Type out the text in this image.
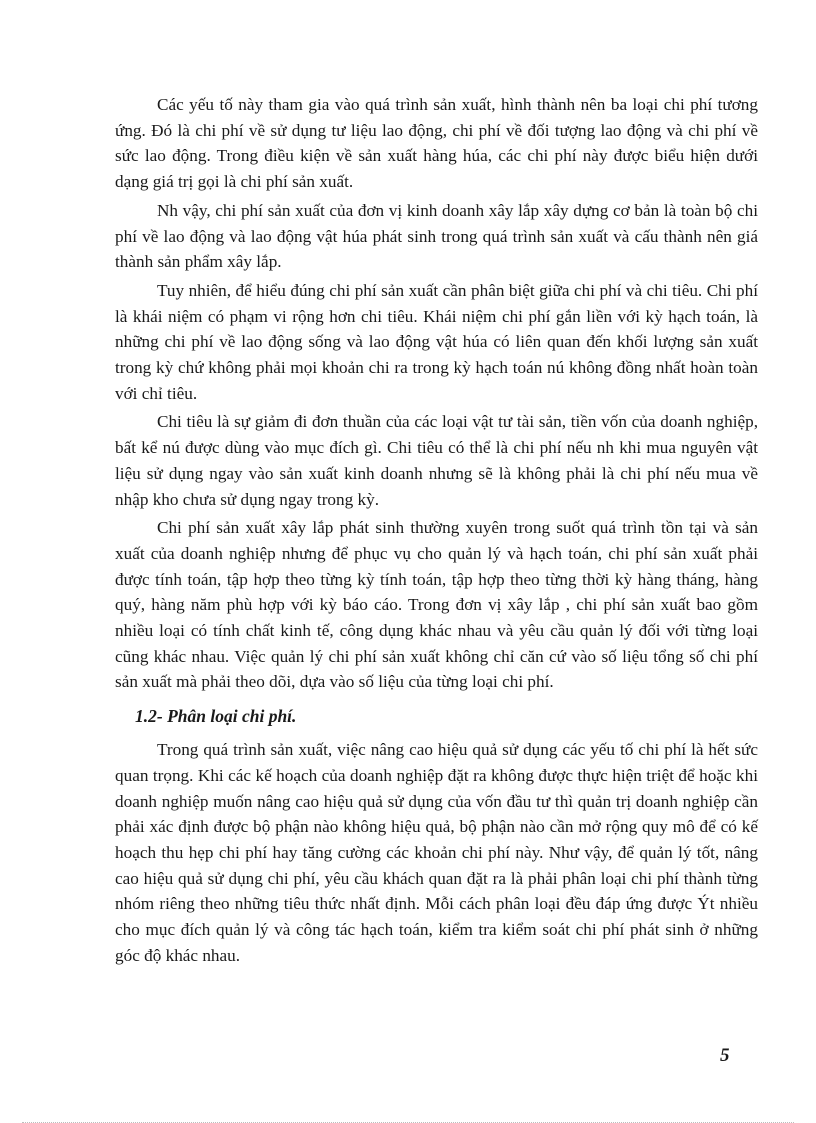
Các yếu tố này tham gia vào quá trình sản xuất, hình thành nên ba loại chi phí tương ứng. Đó là chi phí về sử dụng tư liệu lao động, chi phí về đối tượng lao động và chi phí về sức lao động. Trong điều kiện về sản xuất hàng húa, các chi phí này được biểu hiện dưới dạng giá trị gọi là chi phí sản xuất.

Nh vậy, chi phí sản xuất của đơn vị kinh doanh xây lắp xây dựng cơ bản là toàn bộ chi phí về lao động và lao động vật húa phát sinh trong quá trình sản xuất và cấu thành nên giá thành sản phẩm xây lắp.

Tuy nhiên, để hiểu đúng chi phí sản xuất cần phân biệt giữa chi phí và chi tiêu. Chi phí là khái niệm có phạm vi rộng hơn chi tiêu. Khái niệm chi phí gắn liền với kỳ hạch toán, là những chi phí về lao động sống và lao động vật húa có liên quan đến khối lượng sản xuất trong kỳ chứ không phải mọi khoản chi ra trong kỳ hạch toán nú không đồng nhất hoàn toàn với chỉ tiêu.

Chi tiêu là sự giảm đi đơn thuần của các loại vật tư tài sản, tiền vốn của doanh nghiệp, bất kể nú được dùng vào mục đích gì. Chi tiêu có thể là chi phí nếu nh khi mua nguyên vật liệu sử dụng ngay vào sản xuất kinh doanh nhưng sẽ là không phải là chi phí nếu mua về nhập kho chưa sử dụng ngay trong kỳ.

Chi phí sản xuất xây lắp phát sinh thường xuyên trong suốt quá trình tồn tại và sản xuất của doanh nghiệp nhưng để phục vụ cho quản lý và hạch toán, chi phí sản xuất phải được tính toán, tập hợp theo từng kỳ tính toán, tập hợp theo từng thời kỳ hàng tháng, hàng quý, hàng năm phù hợp với kỳ báo cáo. Trong đơn vị xây lắp , chi phí sản xuất bao gồm nhiều loại có tính chất kinh tế, công dụng khác nhau và yêu cầu quản lý đối với từng loại cũng khác nhau. Việc quản lý chi phí sản xuất không chỉ căn cứ vào số liệu tổng số chi phí sản xuất mà phải theo dõi, dựa vào số liệu của từng loại chi phí.

1.2- Phân loại chi phí.

Trong quá trình sản xuất, việc nâng cao hiệu quả sử dụng các yếu tố chi phí là hết sức quan trọng. Khi các kế hoạch của doanh nghiệp đặt ra không được thực hiện triệt để hoặc khi doanh nghiệp muốn nâng cao hiệu quả sử dụng của vốn đầu tư thì quản trị doanh nghiệp cần phải xác định được bộ phận nào không hiệu quả, bộ phận nào cần mở rộng quy mô để có kế hoạch thu hẹp chi phí hay tăng cường các khoản chi phí này. Như vậy, để quản lý tốt, nâng cao hiệu quả sử dụng chi phí, yêu cầu khách quan đặt ra là phải phân loại chi phí thành từng nhóm riêng theo những tiêu thức nhất định. Mỗi cách phân loại đều đáp ứng được Ýt nhiều cho mục đích quản lý và công tác hạch toán, kiểm tra kiểm soát chi phí phát sinh ở những góc độ khác nhau.

5
